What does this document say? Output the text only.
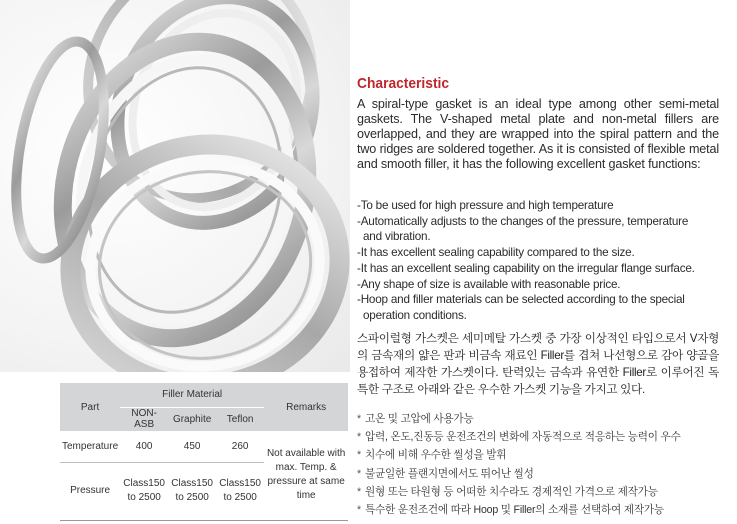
Characteristic
A spiral-type gasket is an ideal type among other semi-metal gaskets. The V-shaped metal plate and non-metal fillers are overlapped, and they are wrapped into the spiral pattern and the two ridges are soldered together. As it is consisted of flexible metal and smooth filler, it has the following excellent gasket functions:
-To be used for high pressure and high temperature
-Automatically adjusts to the changes of the pressure, temperature
and vibration.
-It has excellent sealing capability compared to the size.
-It has an excellent sealing capability on the irregular flange surface.
-Any shape of size is available with reasonable price.
-Hoop and filler materials can be selected according to the special
operation conditions.
스파이럴형 가스켓은 세미메탈 가스켓 중 가장 이상적인 타입으로서 V자형의 금속재의 얇은 판과 비금속 재료인 Filler를 겹쳐 나선형으로 감아 양골을 용접하여 제작한 가스켓이다. 탄력있는 금속과 유연한 Filler로 이루어진 독특한 구조로 아래와 같은 우수한 가스켓 기능을 가지고 있다.
* 고온 및 고압에 사용가능
* 압력, 온도,진동등 운전조건의 변화에 자동적으로 적응하는 능력이 우수
* 치수에 비해 우수한 씰성을 발휘
* 불균일한 플랜지면에서도 뛰어난 씰성
* 원형 또는 타원형 등 어떠한 치수라도 경제적인 가격으로 제작가능
* 특수한 운전조건에 따라 Hoop 및 Filler의 소재를 선택하여 제작가능
Part	Filler Material			Remarks
	NON-ASB	Graphite	Teflon	
Temperature	400	450	260	Not available with max. Temp. & pressure at same time
Pressure	Class150 to 2500	Class150 to 2500	Class150 to 2500	
